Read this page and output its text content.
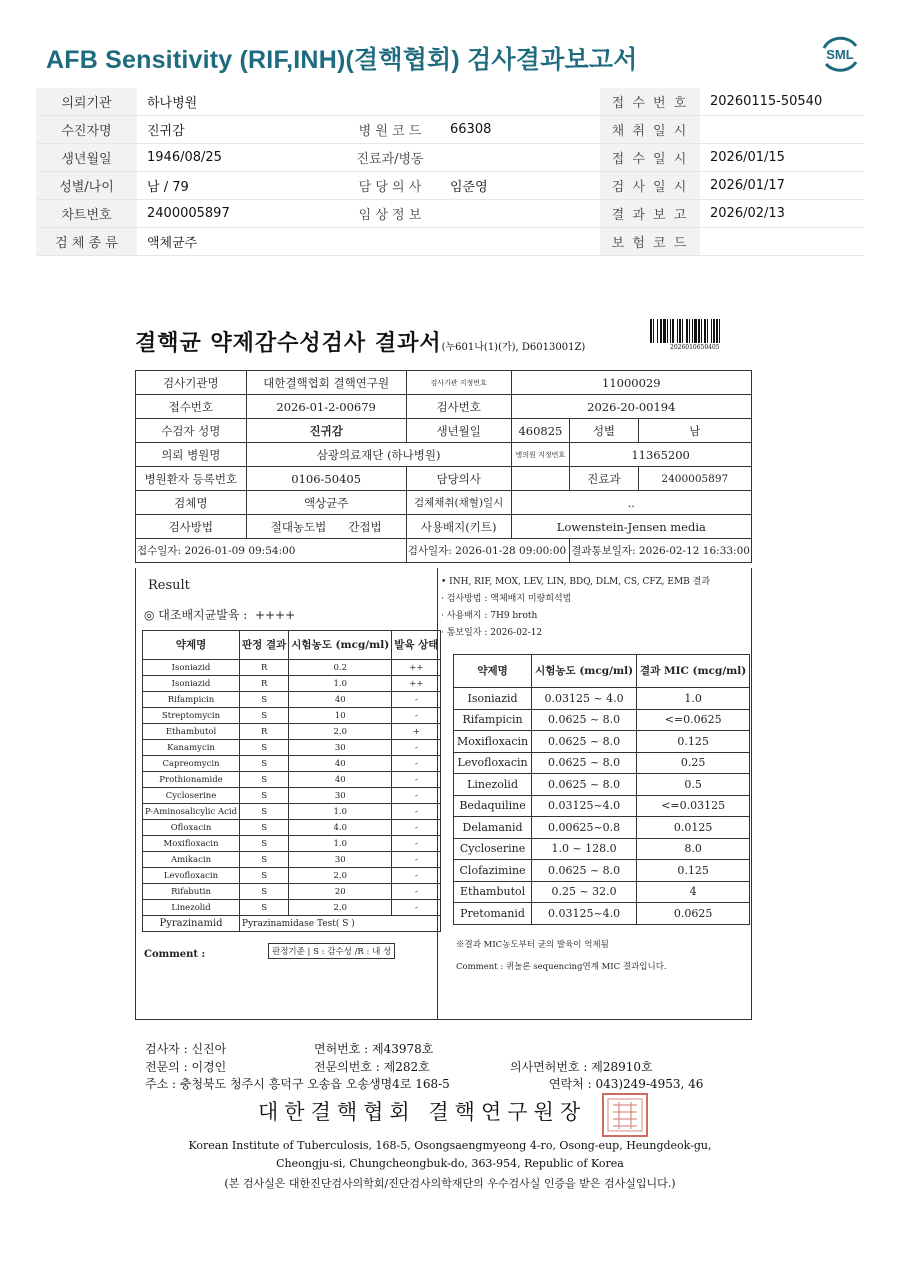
AFB Sensitivity (RIF,INH)(결핵협회) 검사결과보고서	SML
의뢰기관	하나병원			접 수 번 호	20260115-50540
수진자명	진귀감	병 원 코 드	66308	채 취 일 시	
생년월일	1946/08/25	진료과/병동		접 수 일 시	2026/01/15
성별/나이	남 / 79	담 당 의 사	임준영	검 사 일 시	2026/01/17
차트번호	2400005897	임 상 정 보		결 과 보 고	2026/02/13
검 체 종 류	액체균주			보 험 코 드	
결핵균 약제감수성검사 결과서(누601나(1)(가), D6013001Z)	2026010650405
검사기관명	대한결핵협회 결핵연구원	검사기관 지정번호	11000029		
접수번호	2026-01-2-00679	검사번호	2026-20-00194		
수검자 성명	진귀감	생년월일	460825	성별	남
의뢰 병원명	삼광의료재단 (하나병원)		병의원 지정번호	11365200	
병원환자 등록번호	0106-50405	담당의사		진료과	2400005897
검체명	액상균주	검체채취(채혈)일시	..		
검사방법	절대농도법 간접법	사용배지(키트)	Lowenstein-Jensen media		
접수일자: 2026-01-09 09:54:00		검사일자: 2026-01-28 09:00:00		결과통보일자: 2026-02-12 16:33:00	
Result
◎ 대조배지균발육 : ++++
약제명	판정 결과	시험농도 (mcg/ml)	발육 상태
Isoniazid	R	0.2	++
Isoniazid	R	1.0	++
Rifampicin	S	40	-
Streptomycin	S	10	-
Ethambutol	R	2.0	+
Kanamycin	S	30	-
Capreomycin	S	40	-
Prothionamide	S	40	-
Cycloserine	S	30	-
P-Aminosalicylic Acid	S	1.0	-
Ofloxacin	S	4.0	-
Moxifloxacin	S	1.0	-
Amikacin	S	30	-
Levofloxacin	S	2.0	-
Rifabutin	S	20	-
Linezolid	S	2.0	-
Pyrazinamid	Pyrazinamidase Test( S )		
판정기준 | S : 감수성 /R : 내 성
Comment :
• INH, RIF, MOX, LEV, LIN, BDQ, DLM, CS, CFZ, EMB 결과
· 검사방법 : 액체배지 미량희석법
· 사용배지 : 7H9 broth
· 통보일자 : 2026-02-12
약제명	시험농도 (mcg/ml)	결과 MIC (mcg/ml)
Isoniazid	0.03125 ~ 4.0	1.0
Rifampicin	0.0625 ~ 8.0	<=0.0625
Moxifloxacin	0.0625 ~ 8.0	0.125
Levofloxacin	0.0625 ~ 8.0	0.25
Linezolid	0.0625 ~ 8.0	0.5
Bedaquiline	0.03125~4.0	<=0.03125
Delamanid	0.00625~0.8	0.0125
Cycloserine	1.0 ~ 128.0	8.0
Clofazimine	0.0625 ~ 8.0	0.125
Ethambutol	0.25 ~ 32.0	4
Pretomanid	0.03125~4.0	0.0625
※결과 MIC농도부터 균의 발육이 억제됨
Comment : 퀴놀론 sequencing연계 MIC 결과입니다.
검사자 : 신진아	면허번호 : 제43978호
전문의 : 이경인	전문의번호 : 제282호	의사면허번호 : 제28910호
주소 : 충청북도 청주시 흥덕구 오송읍 오송생명4로 168-5	연락처 : 043)249-4953, 46
대한결핵협회 결핵연구원장
Korean Institute of Tuberculosis, 168-5, Osongsaengmyeong 4-ro, Osong-eup, Heungdeok-gu,
Cheongju-si, Chungcheongbuk-do, 363-954, Republic of Korea
(본 검사실은 대한진단검사의학회/진단검사의학재단의 우수검사실 인증을 받은 검사실입니다.)
